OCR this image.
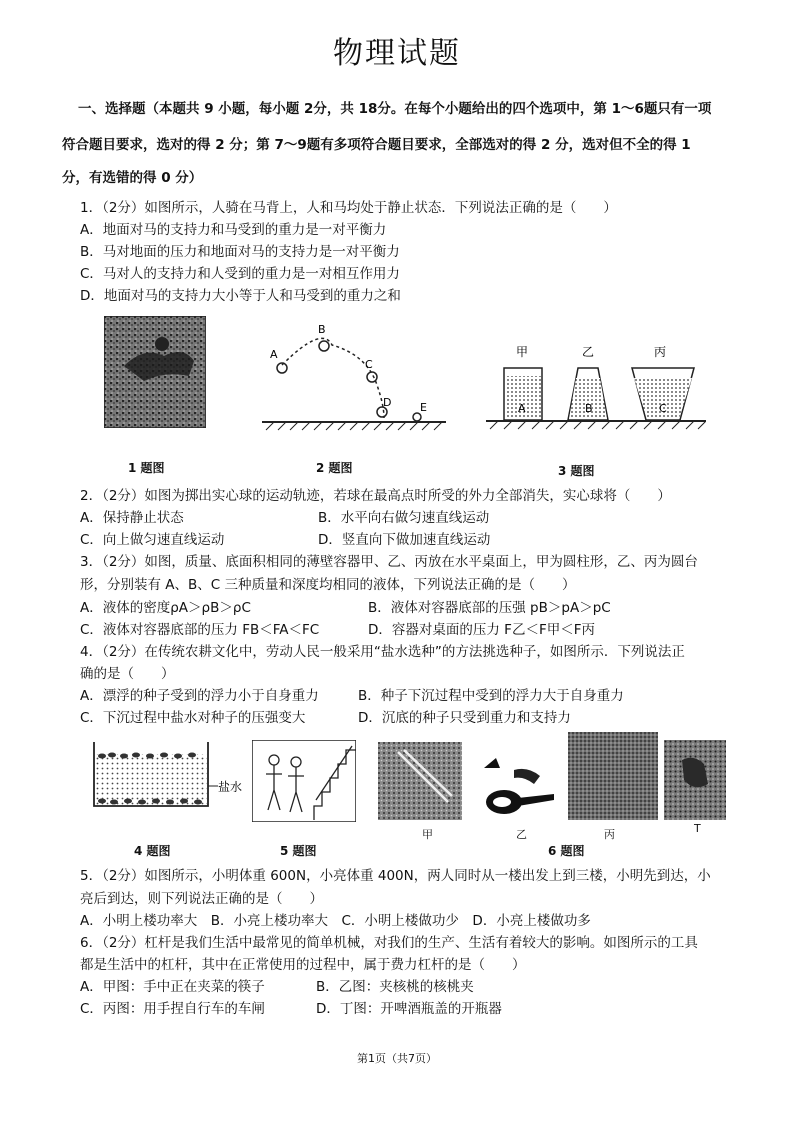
物理试题
一、选择题（本题共 9 小题，每小题 2分，共 18分。在每个小题给出的四个选项中，第 1～6题只有一项
符合题目要求，选对的得 2 分；第 7～9题有多项符合题目要求，全部选对的得 2 分，选对但不全的得 1
分，有选错的得 0 分）
1．（2分）如图所示，人骑在马背上，人和马均处于静止状态．下列说法正确的是（　　）
A．地面对马的支持力和马受到的重力是一对平衡力
B．马对地面的压力和地面对马的支持力是一对平衡力
C．马对人的支持力和人受到的重力是一对相互作用力
D．地面对马的支持力大小等于人和马受到的重力之和
1 题图
A
B
C
D	E
2 题图
甲	乙	丙
A	B	C
3 题图
2．（2分）如图为掷出实心球的运动轨迹，若球在最高点时所受的外力全部消失，实心球将（　　）
A．保持静止状态	B．水平向右做匀速直线运动
C．向上做匀速直线运动	D．竖直向下做加速直线运动
3．（2分）如图，质量、底面积相同的薄壁容器甲、乙、丙放在水平桌面上，甲为圆柱形，乙、丙为圆台
形，分别装有 A、B、C 三种质量和深度均相同的液体，下列说法正确的是（　　）
A．液体的密度ρA＞ρB＞ρC	B．液体对容器底部的压强 pB＞pA＞pC
C．液体对容器底部的压力 FB＜FA＜FC	D．容器对桌面的压力 F乙＜F甲＜F丙
4．（2分）在传统农耕文化中，劳动人民一般采用“盐水选种”的方法挑选种子，如图所示．下列说法正
确的是（　　）
A．漂浮的种子受到的浮力小于自身重力	B．种子下沉过程中受到的浮力大于自身重力
C．下沉过程中盐水对种子的压强变大	D．沉底的种子只受到重力和支持力
盐水
4 题图	5 题图
甲	乙	丙	T
6 题图
5．（2分）如图所示，小明体重 600N，小亮体重 400N，两人同时从一楼出发上到三楼，小明先到达，小
亮后到达，则下列说法正确的是（　　）
A．小明上楼功率大　B．小亮上楼功率大　C．小明上楼做功少　D．小亮上楼做功多
6．（2分）杠杆是我们生活中最常见的简单机械，对我们的生产、生活有着较大的影响。如图所示的工具
都是生活中的杠杆，其中在正常使用的过程中，属于费力杠杆的是（　　）
A．甲图：手中正在夹菜的筷子	B．乙图：夹核桃的核桃夹
C．丙图：用手捏自行车的车闸	D．丁图：开啤酒瓶盖的开瓶器
第1页（共7页）
